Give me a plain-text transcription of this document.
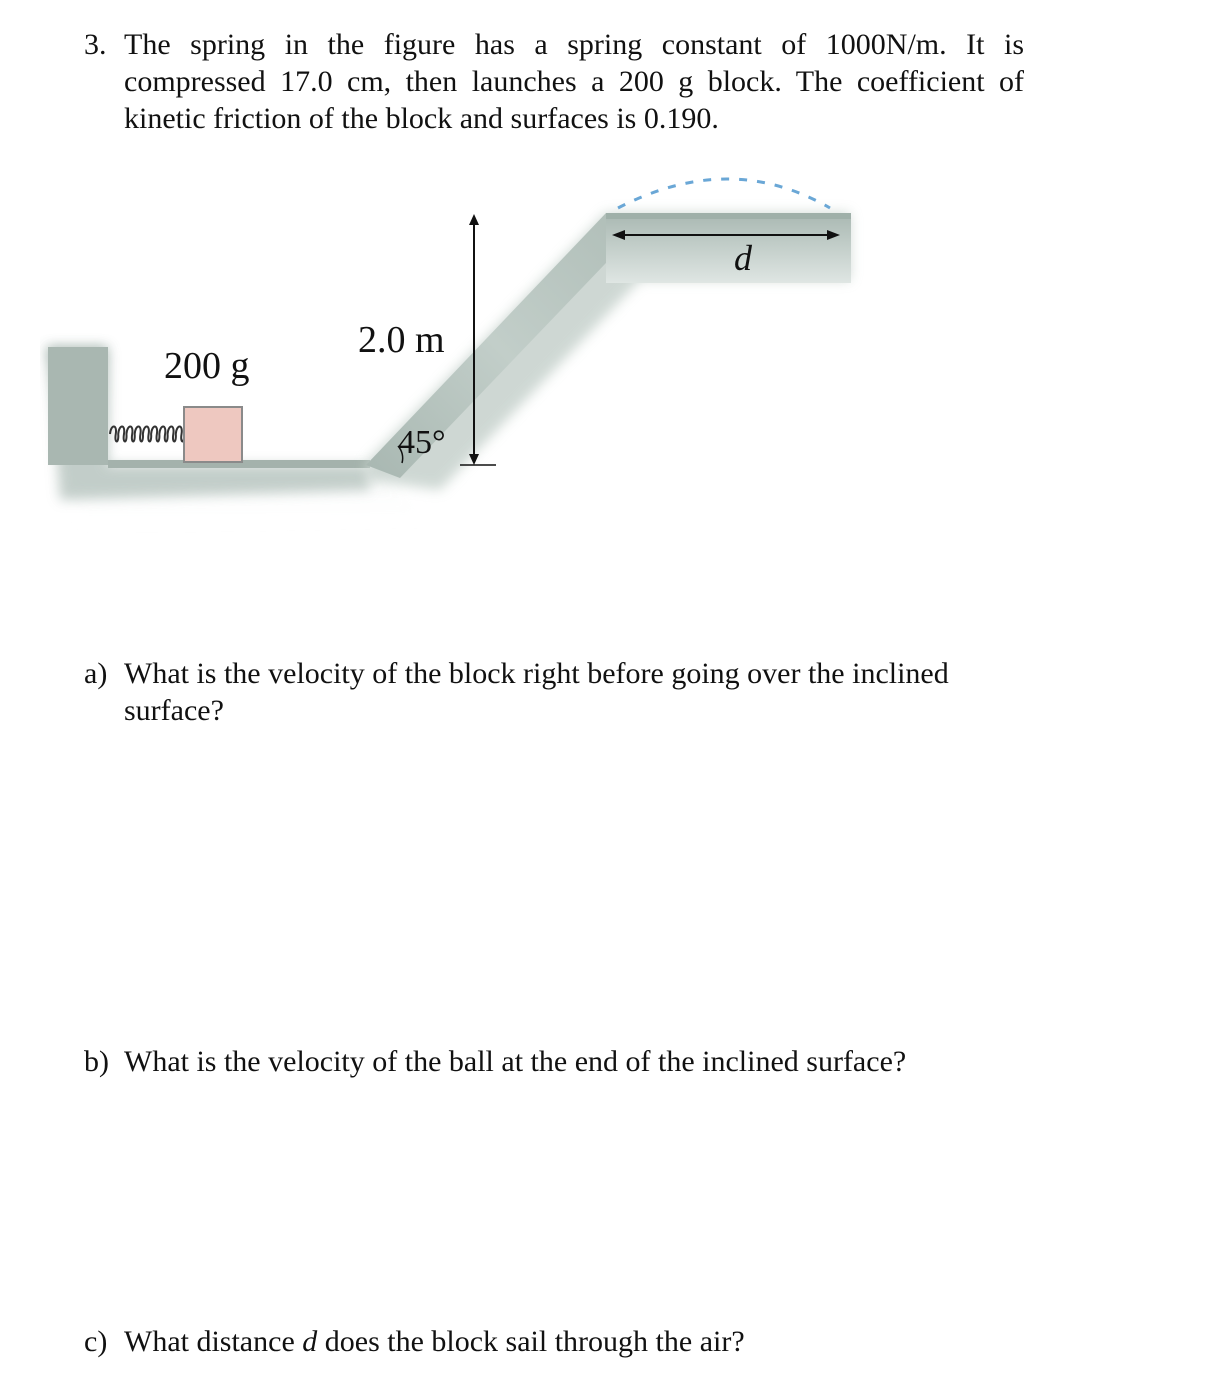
3. The spring in the figure has a spring constant of 1000N/m. It is compressed 17.0 cm, then launches a 200 g block. The coefficient of kinetic friction of the block and surfaces is 0.190.
200 g
2.0 m
45°
d
a) What is the velocity of the block right before going over the inclined surface?
b) What is the velocity of the ball at the end of the inclined surface?
c) What distance d does the block sail through the air?
